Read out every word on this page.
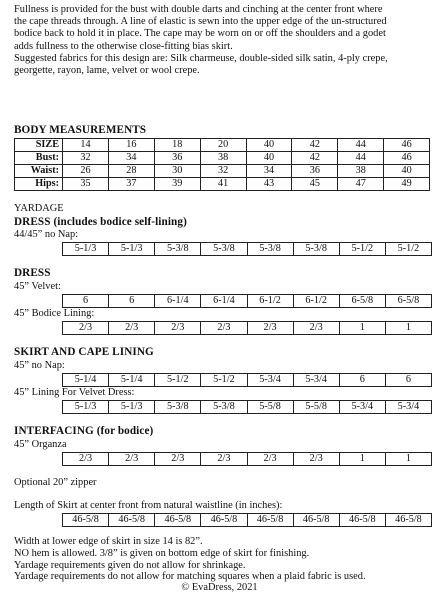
Fullness is provided for the bust with double darts and cinching at the center front where

the cape threads through. A line of elastic is sewn into the upper edge of the un-structured

bodice back to hold it in place. The cape may be worn on or off the shoulders and a godet

adds fullness to the otherwise close-fitting bias skirt.

Suggested fabrics for this design are: Silk charmeuse, double-sided silk satin, 4-ply crepe,

georgette, rayon, lame, velvet or wool crepe.

BODY MEASUREMENTS
SIZE	14	16	18	20	40	42	44	46
Bust:	32	34	36	38	40	42	44	46
Waist:	26	28	30	32	34	36	38	40
Hips:	35	37	39	41	43	45	47	49
YARDAGE
DRESS (includes bodice self-lining)
44/45” no Nap:
5-1/3	5-1/3	5-3/8	5-3/8	5-3/8	5-3/8	5-1/2	5-1/2
DRESS
45” Velvet:
6	6	6-1/4	6-1/4	6-1/2	6-1/2	6-5/8	6-5/8
45” Bodice Lining:
2/3	2/3	2/3	2/3	2/3	2/3	1	1
SKIRT AND CAPE LINING
45” no Nap:
5-1/4	5-1/4	5-1/2	5-1/2	5-3/4	5-3/4	6	6
45” Lining For Velvet Dress:
5-1/3	5-1/3	5-3/8	5-3/8	5-5/8	5-5/8	5-3/4	5-3/4
INTERFACING (for bodice)
45” Organza
2/3	2/3	2/3	2/3	2/3	2/3	1	1
Optional 20” zipper
Length of Skirt at center front from natural waistline (in inches):
46-5/8	46-5/8	46-5/8	46-5/8	46-5/8	46-5/8	46-5/8	46-5/8

Width at lower edge of skirt in size 14 is 82”.

NO hem is allowed. 3/8” is given on bottom edge of skirt for finishing.

Yardage requirements given do not allow for shrinkage.

Yardage requirements do not allow for matching squares when a plaid fabric is used.

© EvaDress, 2021
